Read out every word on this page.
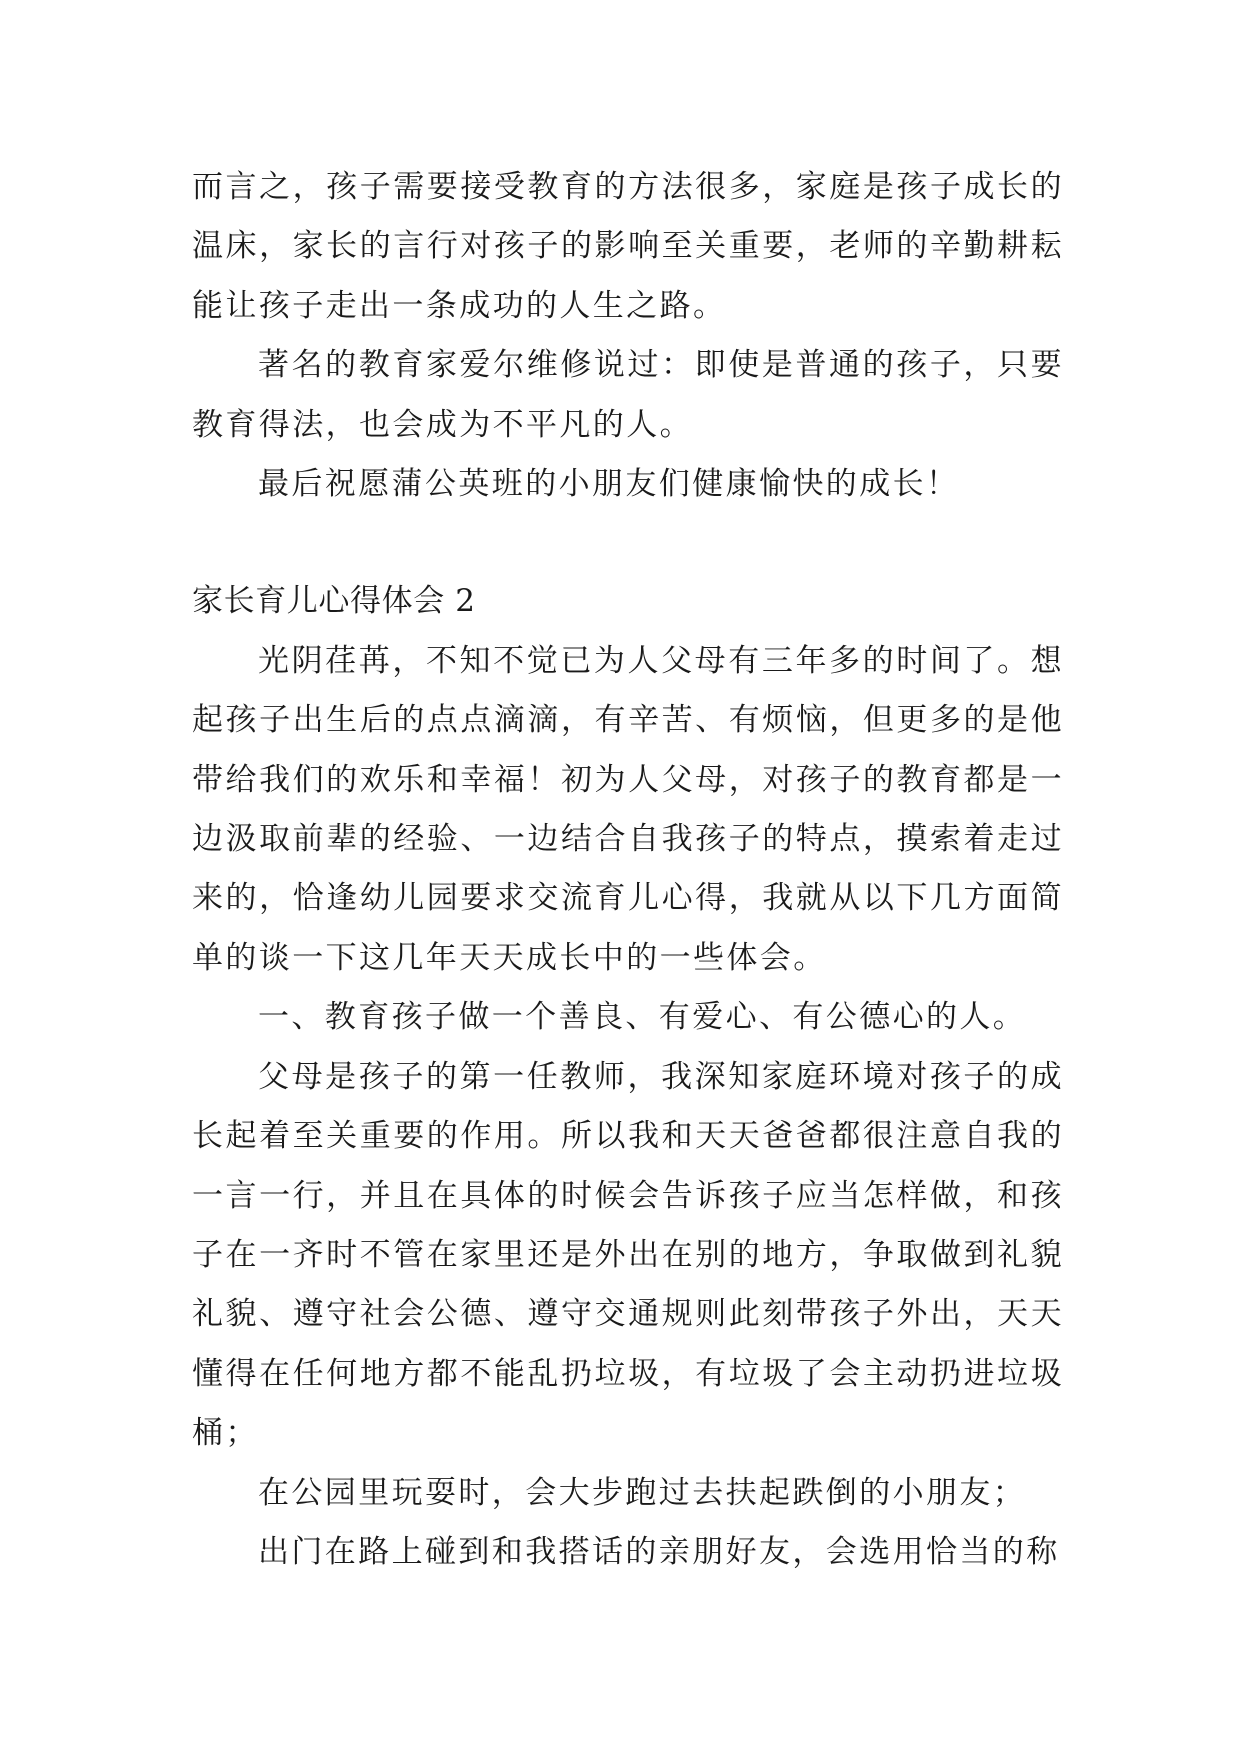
而言之，孩子需要接受教育的方法很多，家庭是孩子成长的温床，家长的言行对孩子的影响至关重要，老师的辛勤耕耘能让孩子走出一条成功的人生之路。

著名的教育家爱尔维修说过：即使是普通的孩子，只要教育得法，也会成为不平凡的人。

最后祝愿蒲公英班的小朋友们健康愉快的成长！

家长育儿心得体会 2

光阴荏苒，不知不觉已为人父母有三年多的时间了。想起孩子出生后的点点滴滴，有辛苦、有烦恼，但更多的是他带给我们的欢乐和幸福！初为人父母，对孩子的教育都是一边汲取前辈的经验、一边结合自我孩子的特点，摸索着走过来的，恰逢幼儿园要求交流育儿心得，我就从以下几方面简单的谈一下这几年天天成长中的一些体会。

一、教育孩子做一个善良、有爱心、有公德心的人。

父母是孩子的第一任教师，我深知家庭环境对孩子的成长起着至关重要的作用。所以我和天天爸爸都很注意自我的一言一行，并且在具体的时候会告诉孩子应当怎样做，和孩子在一齐时不管在家里还是外出在别的地方，争取做到礼貌礼貌、遵守社会公德、遵守交通规则此刻带孩子外出，天天懂得在任何地方都不能乱扔垃圾，有垃圾了会主动扔进垃圾桶；

在公园里玩耍时，会大步跑过去扶起跌倒的小朋友；

出门在路上碰到和我搭话的亲朋好友，会选用恰当的称
